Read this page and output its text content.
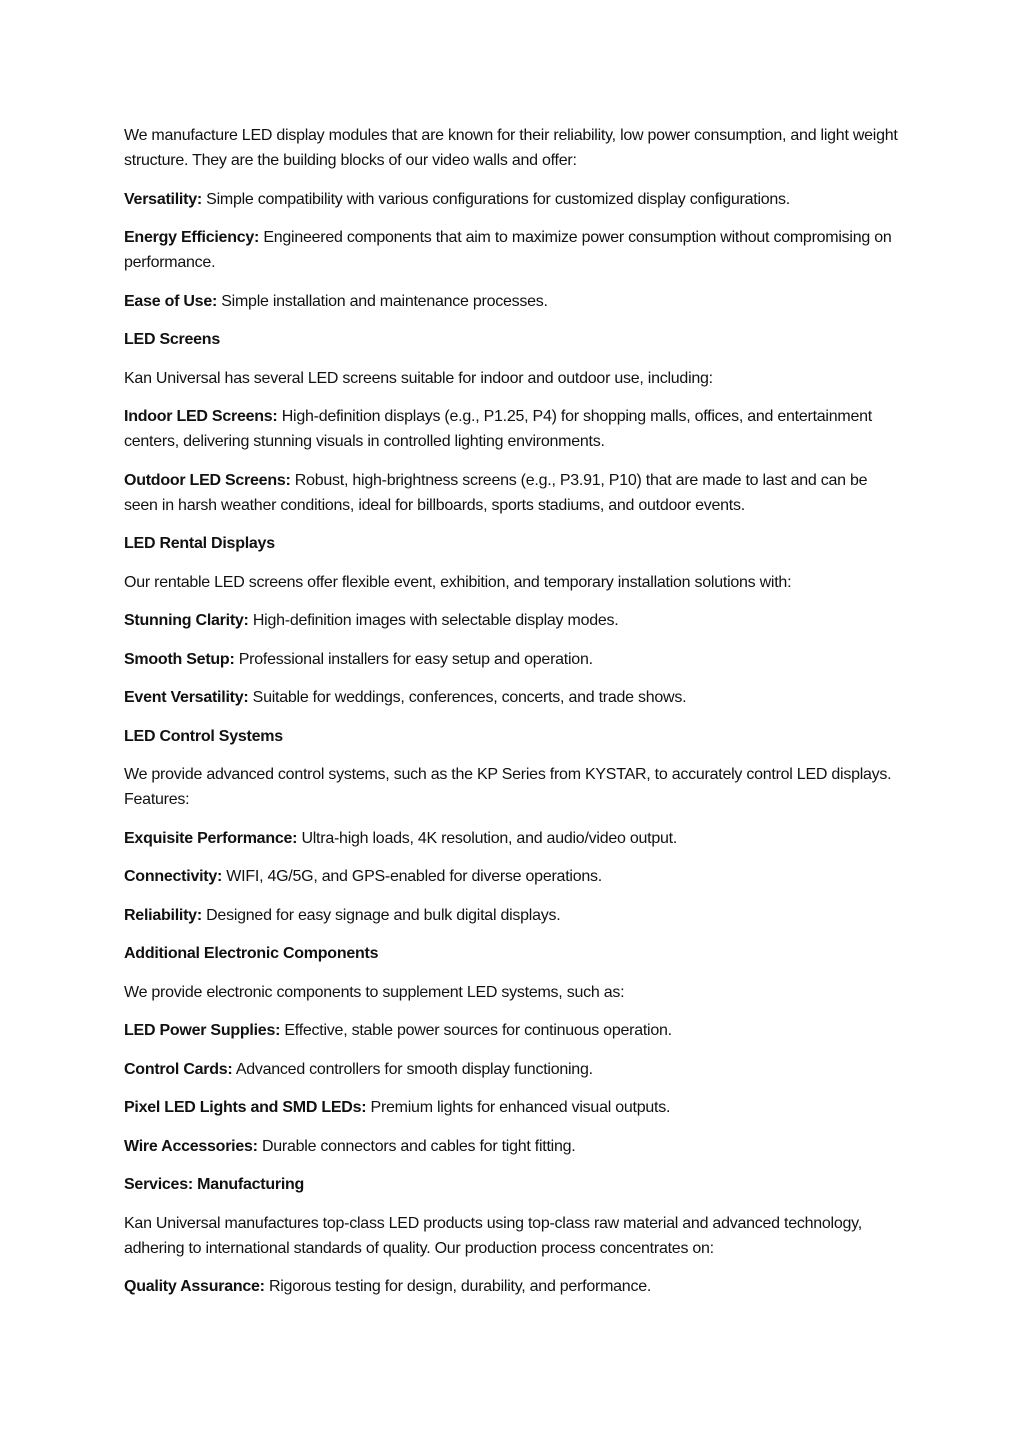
We manufacture LED display modules that are known for their reliability, low power consumption, and light weight structure. They are the building blocks of our video walls and offer:
Versatility: Simple compatibility with various configurations for customized display configurations.
Energy Efficiency: Engineered components that aim to maximize power consumption without compromising on performance.
Ease of Use: Simple installation and maintenance processes.
LED Screens
Kan Universal has several LED screens suitable for indoor and outdoor use, including:
Indoor LED Screens: High-definition displays (e.g., P1.25, P4) for shopping malls, offices, and entertainment centers, delivering stunning visuals in controlled lighting environments.
Outdoor LED Screens: Robust, high-brightness screens (e.g., P3.91, P10) that are made to last and can be seen in harsh weather conditions, ideal for billboards, sports stadiums, and outdoor events.
LED Rental Displays
Our rentable LED screens offer flexible event, exhibition, and temporary installation solutions with:
Stunning Clarity: High-definition images with selectable display modes.
Smooth Setup: Professional installers for easy setup and operation.
Event Versatility: Suitable for weddings, conferences, concerts, and trade shows.
LED Control Systems
We provide advanced control systems, such as the KP Series from KYSTAR, to accurately control LED displays. Features:
Exquisite Performance: Ultra-high loads, 4K resolution, and audio/video output.
Connectivity: WIFI, 4G/5G, and GPS-enabled for diverse operations.
Reliability: Designed for easy signage and bulk digital displays.
Additional Electronic Components
We provide electronic components to supplement LED systems, such as:
LED Power Supplies: Effective, stable power sources for continuous operation.
Control Cards: Advanced controllers for smooth display functioning.
Pixel LED Lights and SMD LEDs: Premium lights for enhanced visual outputs.
Wire Accessories: Durable connectors and cables for tight fitting.
Services: Manufacturing
Kan Universal manufactures top-class LED products using top-class raw material and advanced technology, adhering to international standards of quality. Our production process concentrates on:
Quality Assurance: Rigorous testing for design, durability, and performance.
